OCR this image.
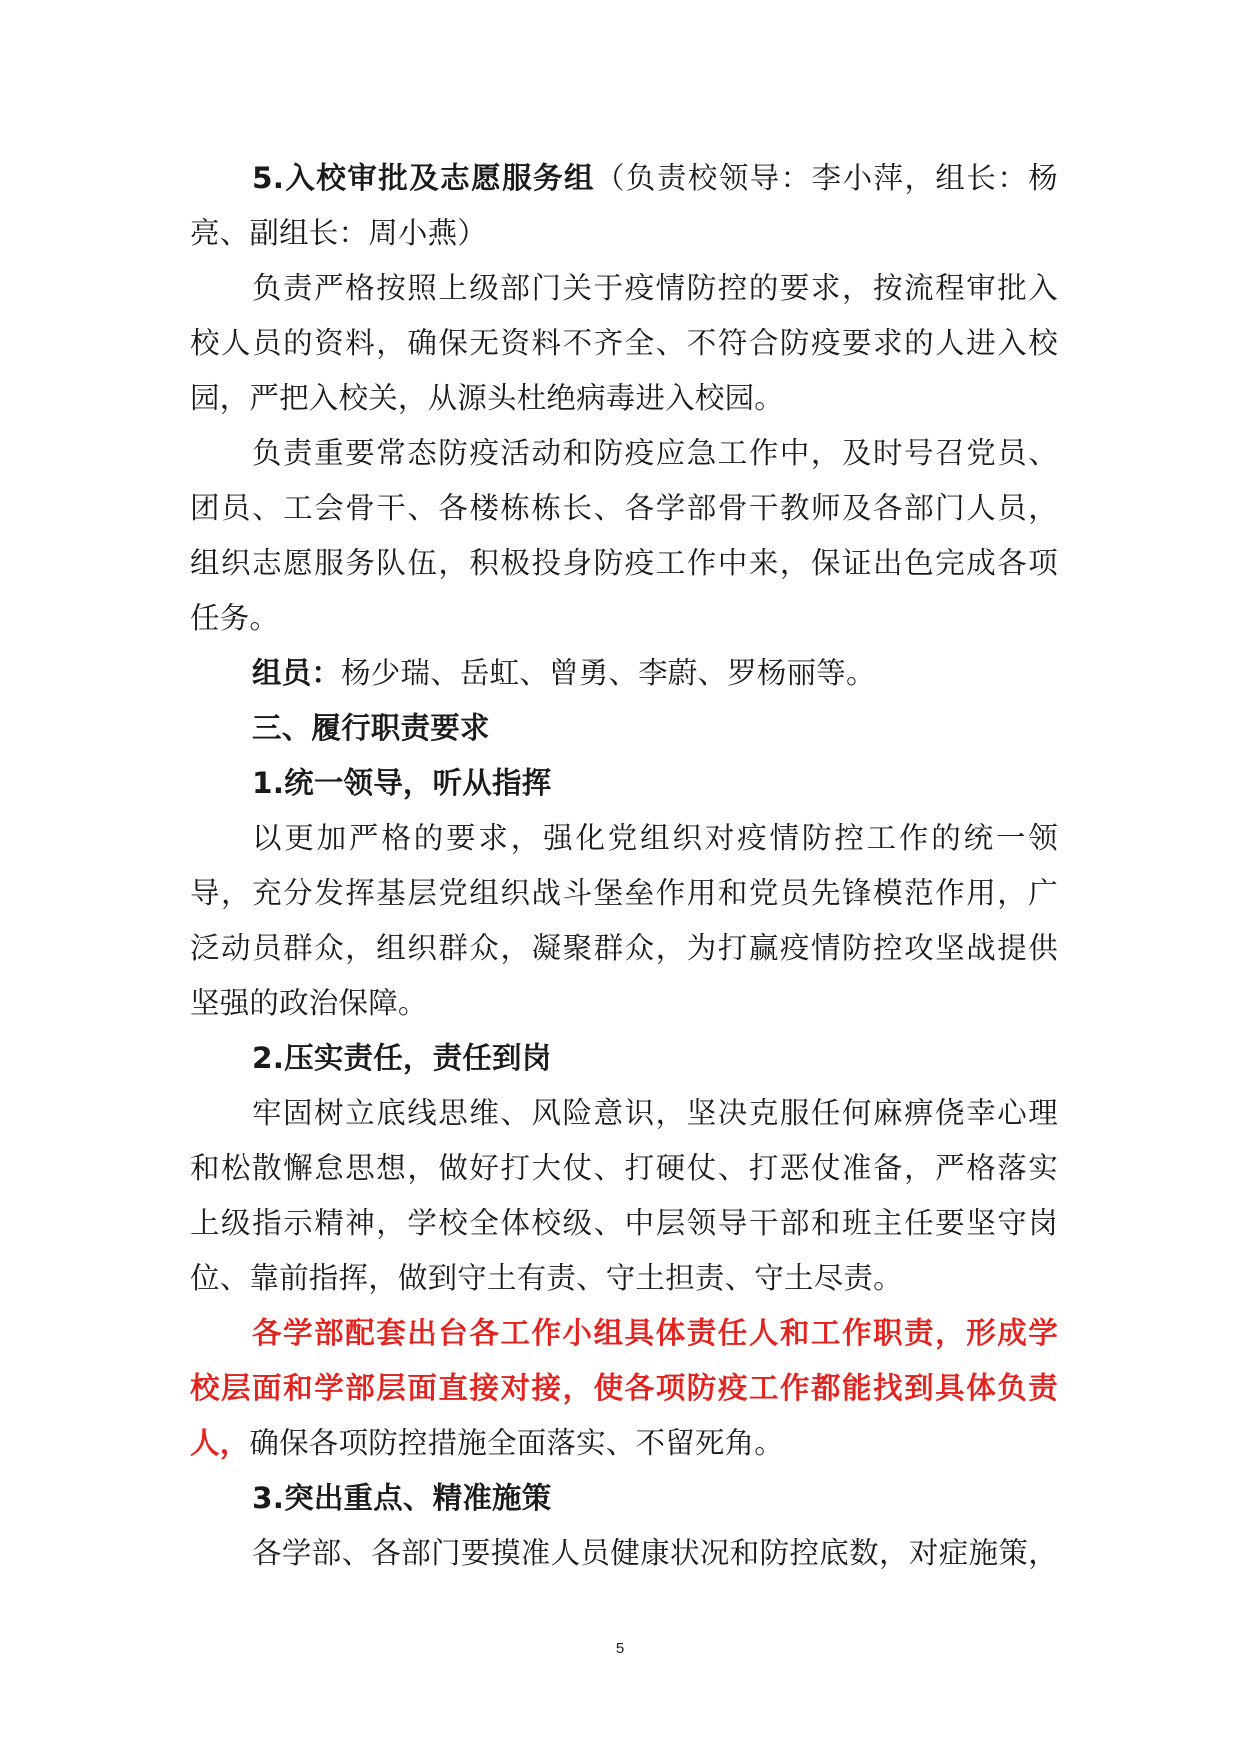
5.入校审批及志愿服务组（负责校领导：李小萍，组长：杨
亮、副组长：周小燕）
负责严格按照上级部门关于疫情防控的要求，按流程审批入
校人员的资料，确保无资料不齐全、不符合防疫要求的人进入校
园，严把入校关，从源头杜绝病毒进入校园。
负责重要常态防疫活动和防疫应急工作中，及时号召党员、
团员、工会骨干、各楼栋栋长、各学部骨干教师及各部门人员，
组织志愿服务队伍，积极投身防疫工作中来，保证出色完成各项
任务。
组员：杨少瑞、岳虹、曾勇、李蔚、罗杨丽等。
三、履行职责要求
1.统一领导，听从指挥
以更加严格的要求，强化党组织对疫情防控工作的统一领
导，充分发挥基层党组织战斗堡垒作用和党员先锋模范作用，广
泛动员群众，组织群众，凝聚群众，为打赢疫情防控攻坚战提供
坚强的政治保障。
2.压实责任，责任到岗
牢固树立底线思维、风险意识，坚决克服任何麻痹侥幸心理
和松散懈怠思想，做好打大仗、打硬仗、打恶仗准备，严格落实
上级指示精神，学校全体校级、中层领导干部和班主任要坚守岗
位、靠前指挥，做到守土有责、守土担责、守土尽责。
各学部配套出台各工作小组具体责任人和工作职责，形成学
校层面和学部层面直接对接，使各项防疫工作都能找到具体负责
人，确保各项防控措施全面落实、不留死角。
3.突出重点、精准施策
各学部、各部门要摸准人员健康状况和防控底数，对症施策，
5
